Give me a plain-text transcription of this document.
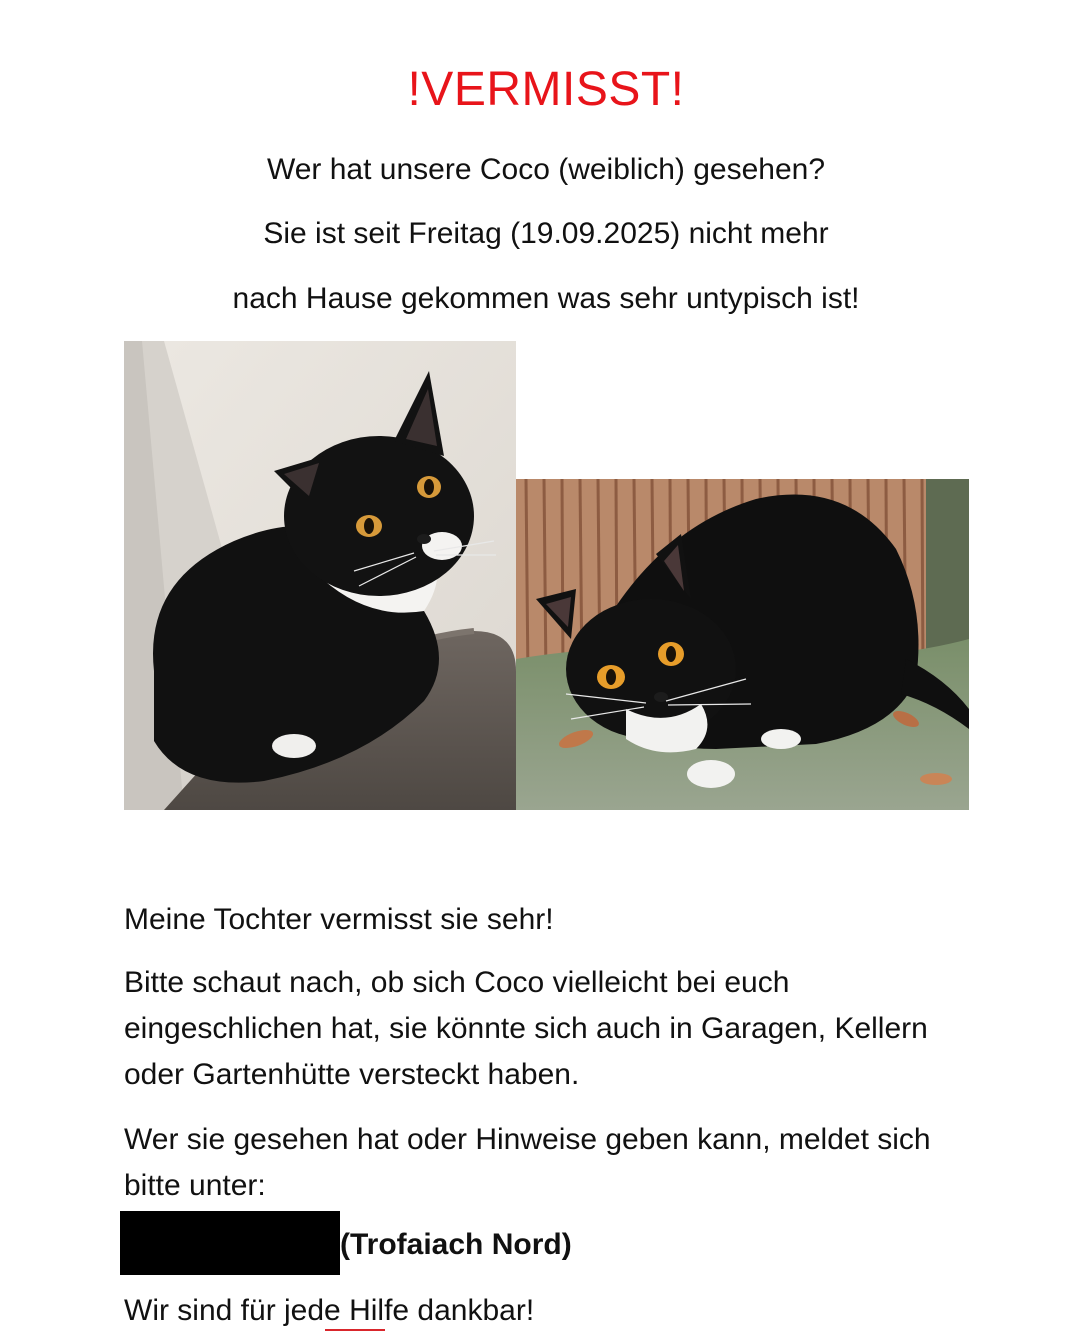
!VERMISST!
Wer hat unsere Coco (weiblich) gesehen?
Sie ist seit Freitag (19.09.2025) nicht mehr
nach Hause gekommen was sehr untypisch ist!
Meine Tochter vermisst sie sehr!
Bitte schaut nach, ob sich Coco vielleicht bei euch eingeschlichen hat, sie könnte sich auch in Garagen, Kellern oder Gartenhütte versteckt haben.
Wer sie gesehen hat oder Hinweise geben kann, meldet sich bitte unter:
(Trofaiach Nord)
Wir sind für jede Hilfe dankbar!
